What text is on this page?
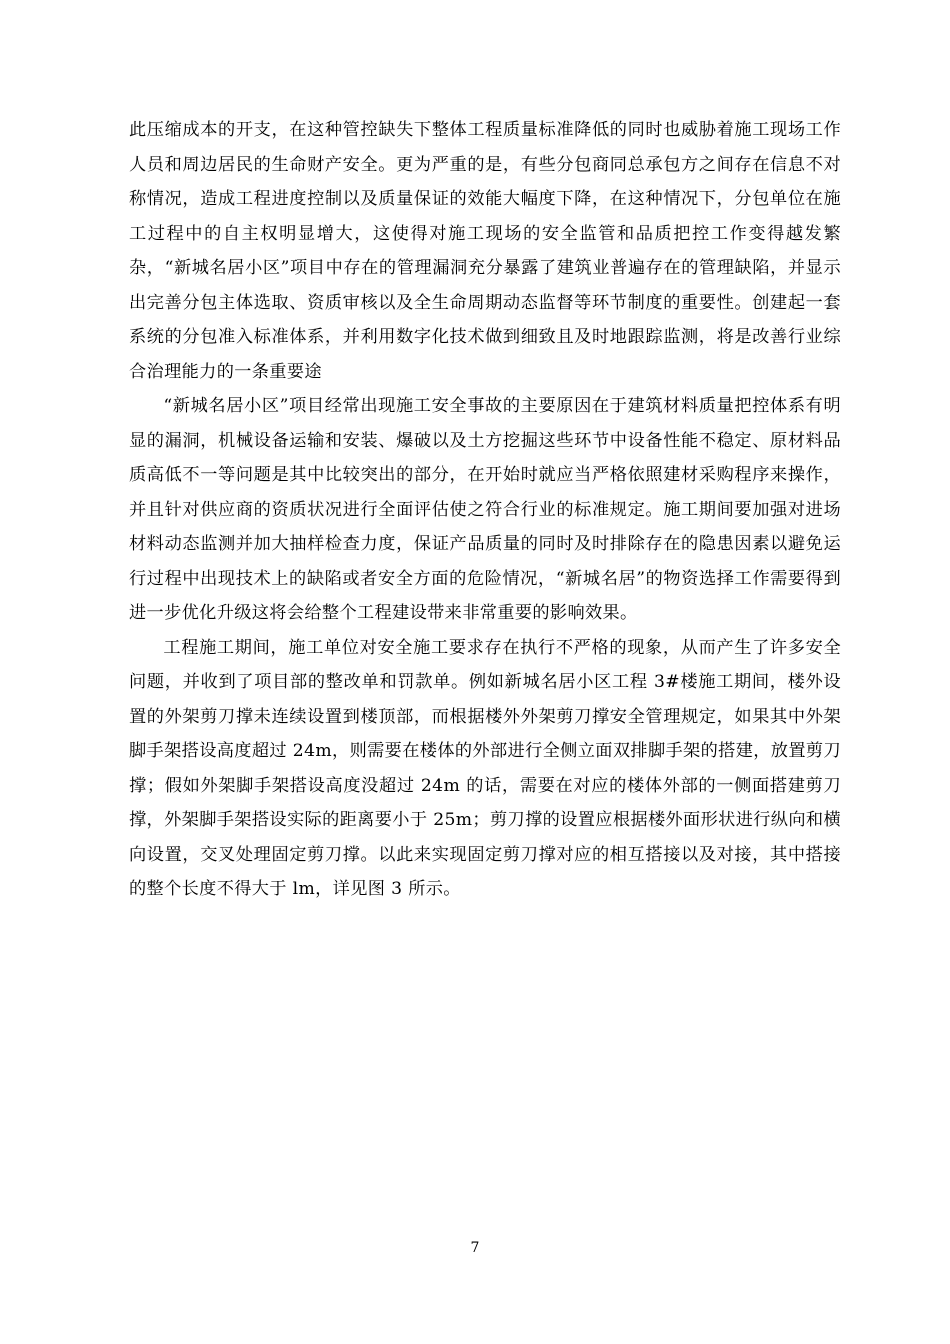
此压缩成本的开支，在这种管控缺失下整体工程质量标准降低的同时也威胁着施工现场工作人员和周边居民的生命财产安全。更为严重的是，有些分包商同总承包方之间存在信息不对称情况，造成工程进度控制以及质量保证的效能大幅度下降，在这种情况下，分包单位在施工过程中的自主权明显增大，这使得对施工现场的安全监管和品质把控工作变得越发繁杂，“新城名居小区”项目中存在的管理漏洞充分暴露了建筑业普遍存在的管理缺陷，并显示出完善分包主体选取、资质审核以及全生命周期动态监督等环节制度的重要性。创建起一套系统的分包准入标准体系，并利用数字化技术做到细致且及时地跟踪监测，将是改善行业综合治理能力的一条重要途

“新城名居小区”项目经常出现施工安全事故的主要原因在于建筑材料质量把控体系有明显的漏洞，机械设备运输和安装、爆破以及土方挖掘这些环节中设备性能不稳定、原材料品质高低不一等问题是其中比较突出的部分，在开始时就应当严格依照建材采购程序来操作，并且针对供应商的资质状况进行全面评估使之符合行业的标准规定。施工期间要加强对进场材料动态监测并加大抽样检查力度，保证产品质量的同时及时排除存在的隐患因素以避免运行过程中出现技术上的缺陷或者安全方面的危险情况，“新城名居”的物资选择工作需要得到进一步优化升级这将会给整个工程建设带来非常重要的影响效果。

工程施工期间，施工单位对安全施工要求存在执行不严格的现象，从而产生了许多安全问题，并收到了项目部的整改单和罚款单。例如新城名居小区工程 3#楼施工期间，楼外设置的外架剪刀撑未连续设置到楼顶部，而根据楼外外架剪刀撑安全管理规定，如果其中外架脚手架搭设高度超过 24m，则需要在楼体的外部进行全侧立面双排脚手架的搭建，放置剪刀撑；假如外架脚手架搭设高度没超过 24m 的话，需要在对应的楼体外部的一侧面搭建剪刀撑，外架脚手架搭设实际的距离要小于 25m；剪刀撑的设置应根据楼外面形状进行纵向和横向设置，交叉处理固定剪刀撑。以此来实现固定剪刀撑对应的相互搭接以及对接，其中搭接的整个长度不得大于 lm，详见图 3 所示。

7
